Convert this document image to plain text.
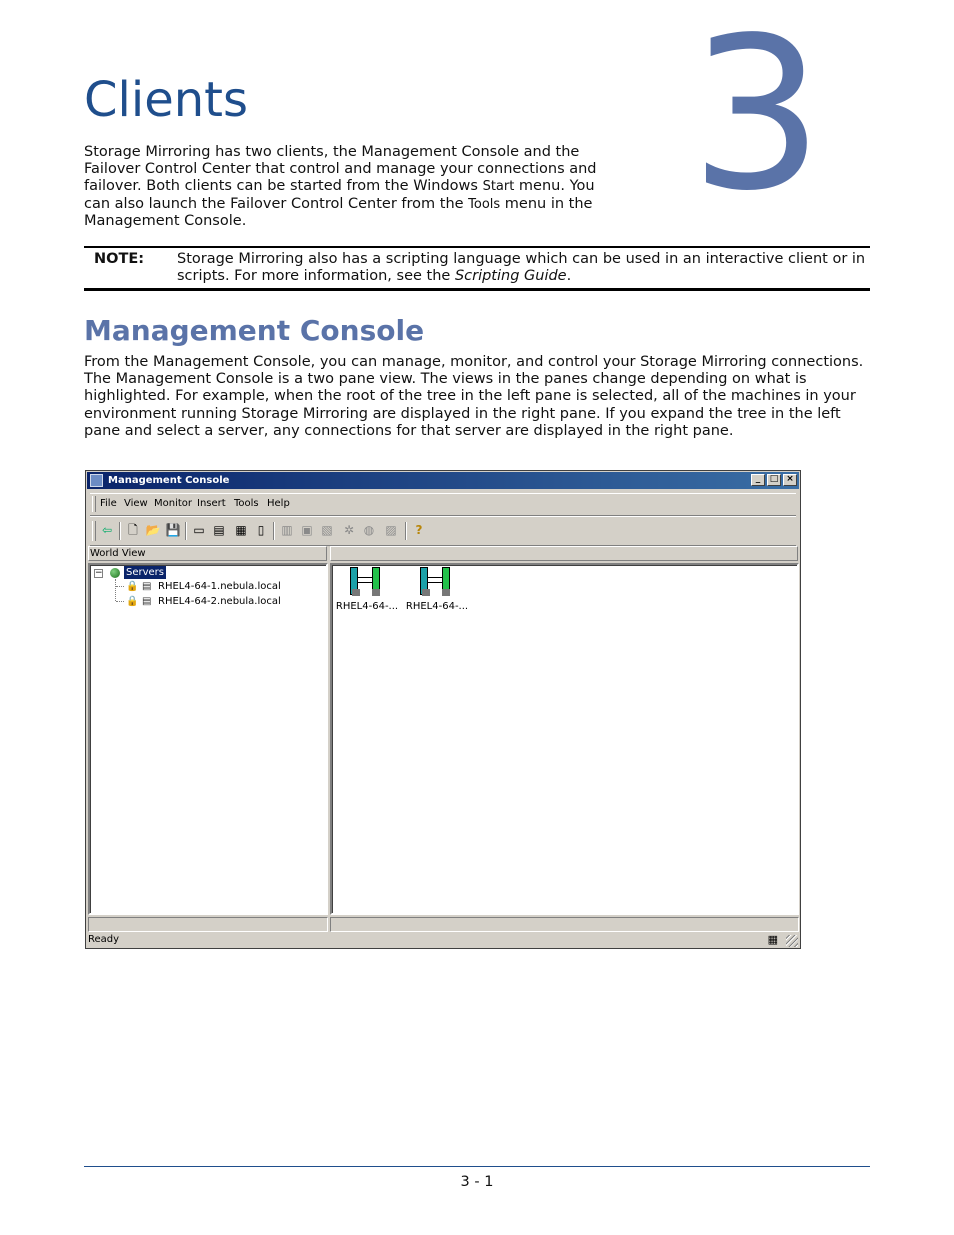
Clients 3

Storage Mirroring has two clients, the Management Console and the Failover Control Center that control and manage your connections and failover. Both clients can be started from the Windows Start menu. You can also launch the Failover Control Center from the Tools menu in the Management Console.

NOTE: Storage Mirroring also has a scripting language which can be used in an interactive client or in scripts. For more information, see the Scripting Guide.
Management Console

From the Management Console, you can manage, monitor, and control your Storage Mirroring connections. The Management Console is a two pane view. The views in the panes change depending on what is highlighted. For example, when the root of the tree in the left pane is selected, all of the machines in your environment running Storage Mirroring are displayed in the right pane. If you expand the tree in the left pane and select a server, any connections for that server are displayed in the right pane.

Management Console	_	□ ×
File View Monitor Insert Tools Help
⇦ 🗋 📂 💾 ▭ ▤ ▦ ▯	▥ ▣ ▧ ✲ ◍ ▨	?
World View
− Servers
🔒 ▤ RHEL4-64-1.nebula.local
🔒 ▤ RHEL4-64-2.nebula.local	RHEL4-64-... RHEL4-64-...
Ready	▦
3 - 1
